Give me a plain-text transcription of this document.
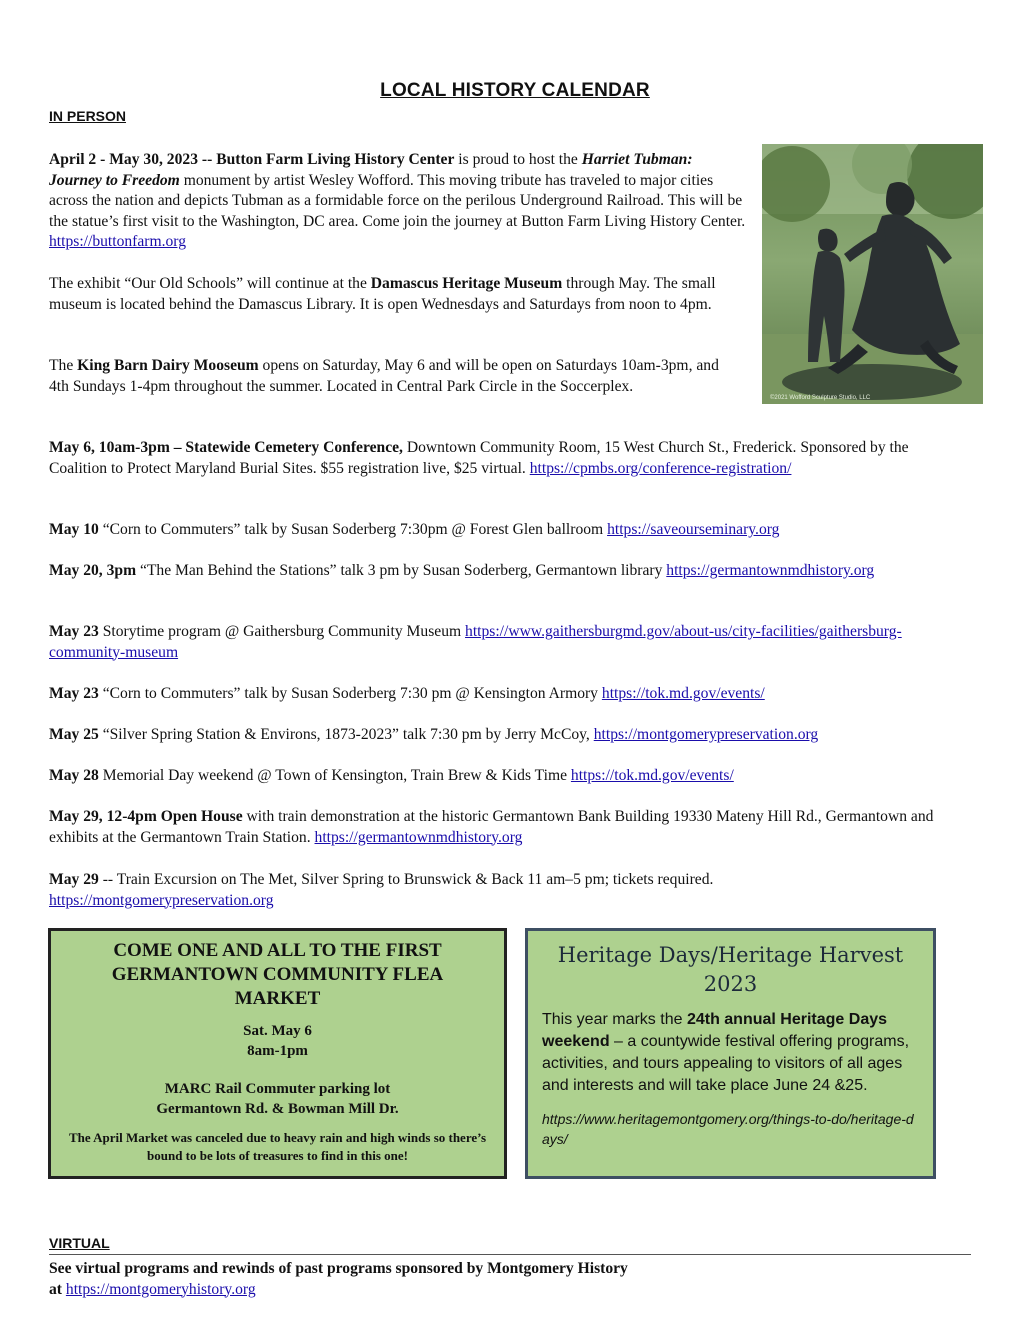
LOCAL HISTORY CALENDAR
IN PERSON

April 2 - May 30, 2023 -- Button Farm Living History Center is proud to host the Harriet Tubman: Journey to Freedom monument by artist Wesley Wofford. This moving tribute has traveled to major cities across the nation and depicts Tubman as a formidable force on the perilous Underground Railroad. This will be the statue’s first visit to the Washington, DC area. Come join the journey at Button Farm Living History Center. https://buttonfarm.org

The exhibit “Our Old Schools” will continue at the Damascus Heritage Museum through May. The small museum is located behind the Damascus Library. It is open Wednesdays and Saturdays from noon to 4pm.

The King Barn Dairy Mooseum opens on Saturday, May 6 and will be open on Saturdays 10am-3pm, and 4th Sundays 1-4pm throughout the summer. Located in Central Park Circle in the Soccerplex.

©2021 Wofford Sculpture Studio, LLC

May 6, 10am-3pm – Statewide Cemetery Conference, Downtown Community Room, 15 West Church St., Frederick. Sponsored by the Coalition to Protect Maryland Burial Sites. $55 registration live, $25 virtual. https://cpmbs.org/conference-registration/

May 10 “Corn to Commuters” talk by Susan Soderberg 7:30pm @ Forest Glen ballroom https://saveourseminary.org

May 20, 3pm “The Man Behind the Stations” talk 3 pm by Susan Soderberg, Germantown library https://germantownmdhistory.org

May 23 Storytime program @ Gaithersburg Community Museum https://www.gaithersburgmd.gov/about-us/city-facilities/gaithersburg-community-museum

May 23 “Corn to Commuters” talk by Susan Soderberg 7:30 pm @ Kensington Armory https://tok.md.gov/events/

May 25 “Silver Spring Station & Environs, 1873-2023” talk 7:30 pm by Jerry McCoy, https://montgomerypreservation.org

May 28 Memorial Day weekend @ Town of Kensington, Train Brew & Kids Time https://tok.md.gov/events/

May 29, 12-4pm Open House with train demonstration at the historic Germantown Bank Building 19330 Mateny Hill Rd., Germantown and exhibits at the Germantown Train Station. https://germantownmdhistory.org

May 29 -- Train Excursion on The Met, Silver Spring to Brunswick & Back 11 am–5 pm; tickets required. https://montgomerypreservation.org

COME ONE AND ALL TO THE FIRST GERMANTOWN COMMUNITY FLEA MARKET
Sat. May 6
8am-1pm
MARC Rail Commuter parking lot
Germantown Rd. & Bowman Mill Dr.
The April Market was canceled due to heavy rain and high winds so there’s bound to be lots of treasures to find in this one!
Heritage Days/Heritage Harvest 2023
This year marks the 24th annual Heritage Days weekend – a countywide festival offering programs, activities, and tours appealing to visitors of all ages and interests and will take place June 24 &25.
https://www.heritagemontgomery.org/things-to-do/heritage-days/
VIRTUAL

See virtual programs and rewinds of past programs sponsored by Montgomery History

at https://montgomeryhistory.org
